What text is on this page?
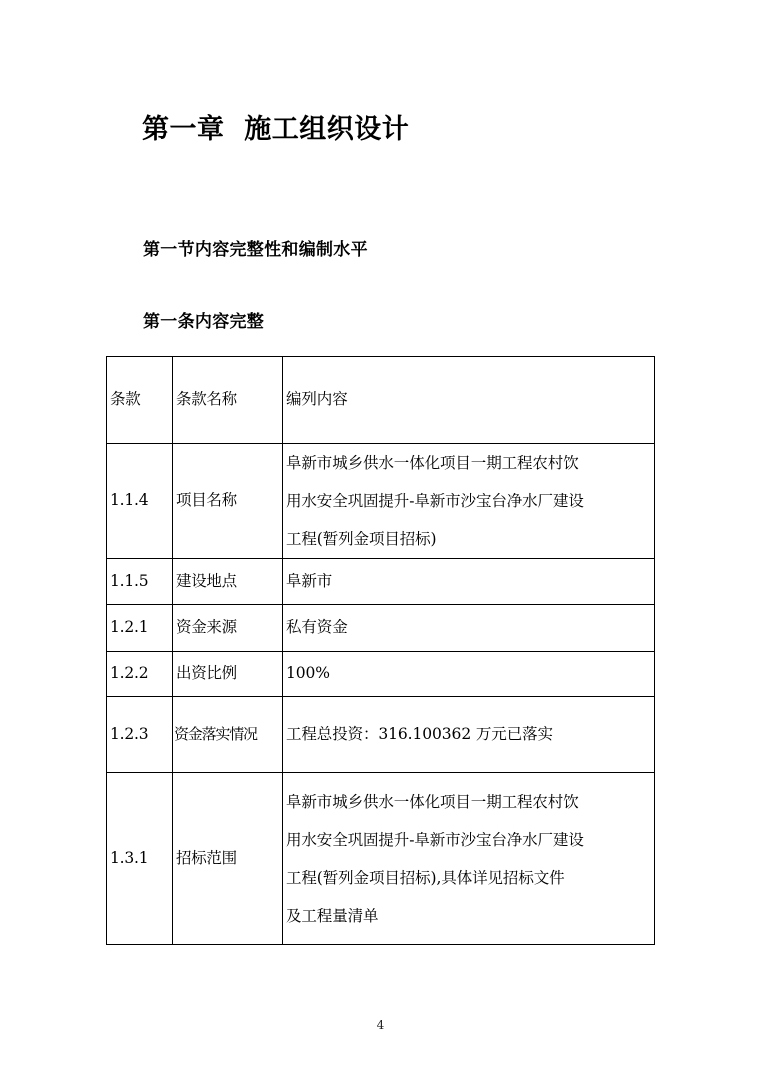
第一章  施工组织设计
第一节内容完整性和编制水平
第一条内容完整
条款	条款名称	编列内容
1.1.4	项目名称	阜新市城乡供水一体化项目一期工程农村饮
用水安全巩固提升-阜新市沙宝台净水厂建设
工程(暂列金项目招标)

1.1.5	建设地点	阜新市

1.2.1	资金来源	私有资金

1.2.2	出资比例	100%

1.2.3	资金落实情况	工程总投资：316.100362 万元已落实

1.3.1	招标范围	阜新市城乡供水一体化项目一期工程农村饮
用水安全巩固提升-阜新市沙宝台净水厂建设
工程(暂列金项目招标),具体详见招标文件
及工程量清单
4
